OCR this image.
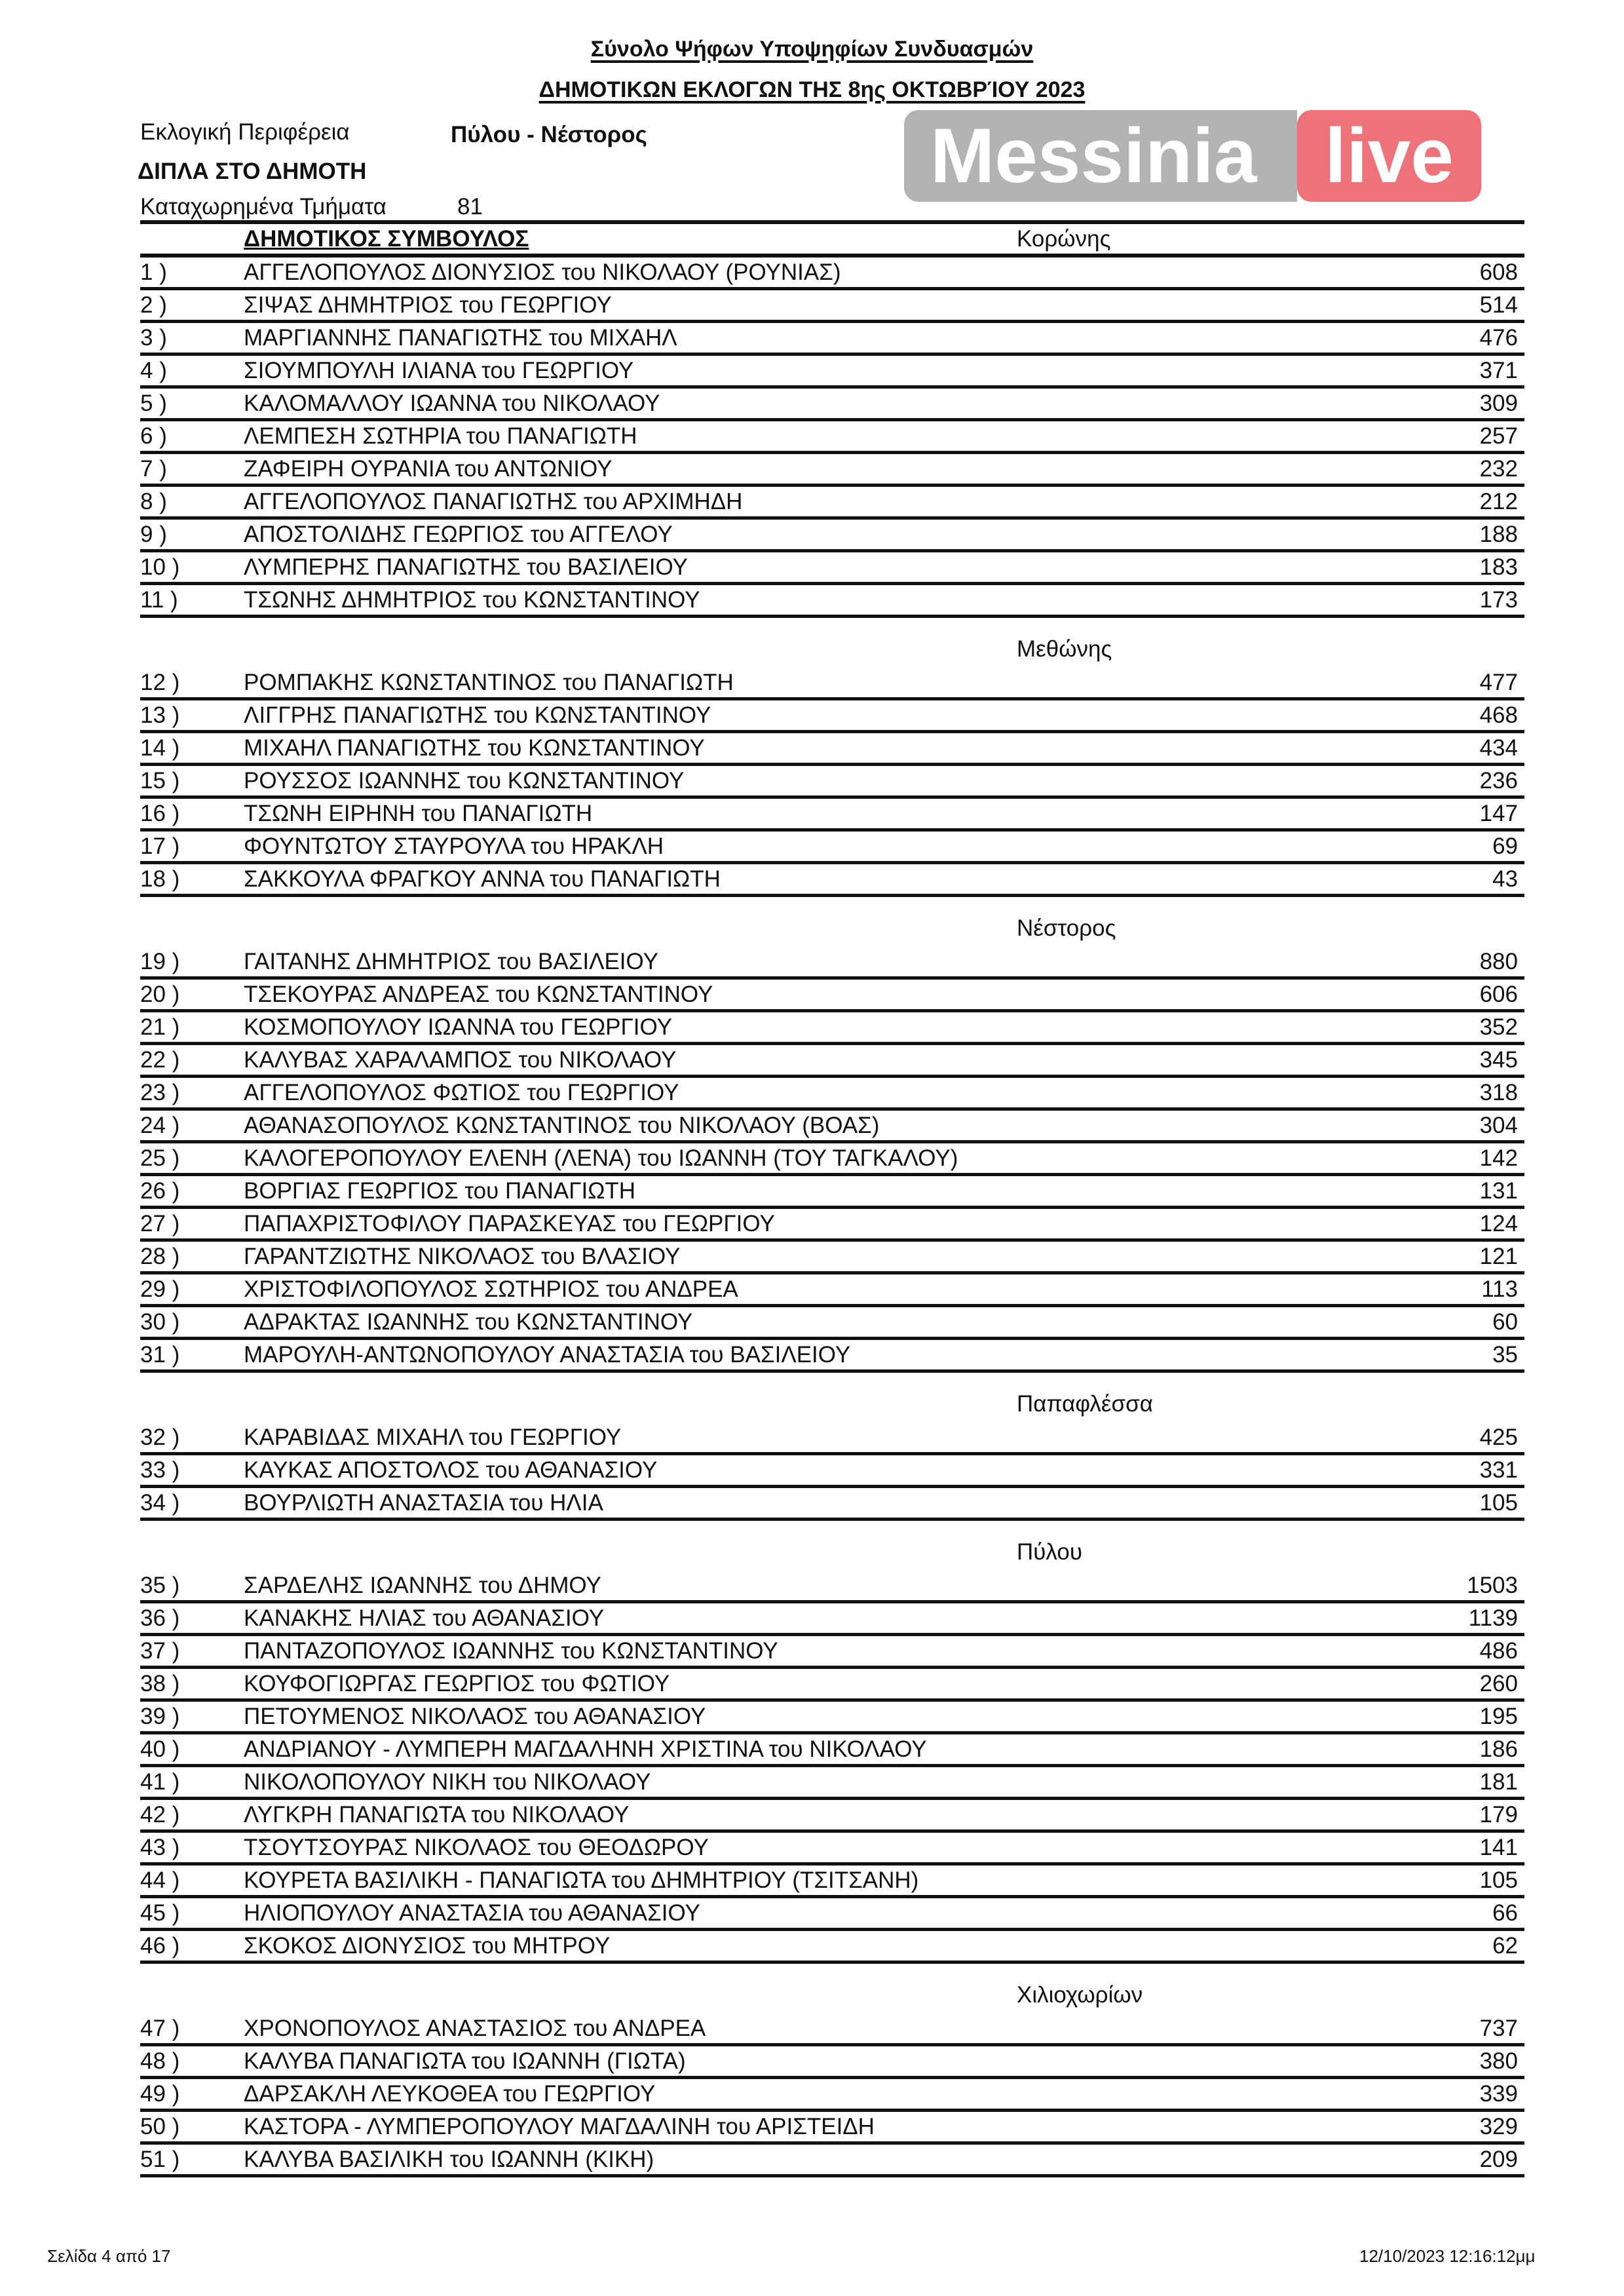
Σύνολο Ψήφων Υποψηφίων Συνδυασμών
ΔΗΜΟΤΙΚΩΝ ΕΚΛΟΓΩΝ ΤΗΣ 8ης ΟΚΤΩΒΡΊΟΥ 2023
Messinia live
Εκλογική Περιφέρεια	Πύλου - Νέστορος
ΔΙΠΛΑ ΣΤΟ ΔΗΜΟΤΗ
Καταχωρημένα Τμήματα	81
ΔΗΜΟΤΙΚΟΣ ΣΥΜΒΟΥΛΟΣ	Κορώνης
1 )	ΑΓΓΕΛΟΠΟΥΛΟΣ ΔΙΟΝΥΣΙΟΣ του ΝΙΚΟΛΑΟΥ (ΡΟΥΝΙΑΣ)	608
2 )	ΣΙΨΑΣ ΔΗΜΗΤΡΙΟΣ του ΓΕΩΡΓΙΟΥ	514
3 )	ΜΑΡΓΙΑΝΝΗΣ ΠΑΝΑΓΙΩΤΗΣ του ΜΙΧΑΗΛ	476
4 )	ΣΙΟΥΜΠΟΥΛΗ ΙΛΙΑΝΑ του ΓΕΩΡΓΙΟΥ	371
5 )	ΚΑΛΟΜΑΛΛΟΥ ΙΩΑΝΝΑ του ΝΙΚΟΛΑΟΥ	309
6 )	ΛΕΜΠΕΣΗ ΣΩΤΗΡΙΑ του ΠΑΝΑΓΙΩΤΗ	257
7 )	ΖΑΦΕΙΡΗ ΟΥΡΑΝΙΑ του ΑΝΤΩΝΙΟΥ	232
8 )	ΑΓΓΕΛΟΠΟΥΛΟΣ ΠΑΝΑΓΙΩΤΗΣ του ΑΡΧΙΜΗΔΗ	212
9 )	ΑΠΟΣΤΟΛΙΔΗΣ ΓΕΩΡΓΙΟΣ του ΑΓΓΕΛΟΥ	188
10 )	ΛΥΜΠΕΡΗΣ ΠΑΝΑΓΙΩΤΗΣ του ΒΑΣΙΛΕΙΟΥ	183
11 )	ΤΣΩΝΗΣ ΔΗΜΗΤΡΙΟΣ του ΚΩΝΣΤΑΝΤΙΝΟΥ	173
Μεθώνης
12 )	ΡΟΜΠΑΚΗΣ ΚΩΝΣΤΑΝΤΙΝΟΣ του ΠΑΝΑΓΙΩΤΗ	477
13 )	ΛΙΓΓΡΗΣ ΠΑΝΑΓΙΩΤΗΣ του ΚΩΝΣΤΑΝΤΙΝΟΥ	468
14 )	ΜΙΧΑΗΛ ΠΑΝΑΓΙΩΤΗΣ του ΚΩΝΣΤΑΝΤΙΝΟΥ	434
15 )	ΡΟΥΣΣΟΣ ΙΩΑΝΝΗΣ του ΚΩΝΣΤΑΝΤΙΝΟΥ	236
16 )	ΤΣΩΝΗ ΕΙΡΗΝΗ του ΠΑΝΑΓΙΩΤΗ	147
17 )	ΦΟΥΝΤΩΤΟΥ ΣΤΑΥΡΟΥΛΑ του ΗΡΑΚΛΗ	69
18 )	ΣΑΚΚΟΥΛΑ ΦΡΑΓΚΟΥ ΑΝΝΑ του ΠΑΝΑΓΙΩΤΗ	43
Νέστορος
19 )	ΓΑΙΤΑΝΗΣ ΔΗΜΗΤΡΙΟΣ του ΒΑΣΙΛΕΙΟΥ	880
20 )	ΤΣΕΚΟΥΡΑΣ ΑΝΔΡΕΑΣ του ΚΩΝΣΤΑΝΤΙΝΟΥ	606
21 )	ΚΟΣΜΟΠΟΥΛΟΥ ΙΩΑΝΝΑ του ΓΕΩΡΓΙΟΥ	352
22 )	ΚΑΛΥΒΑΣ ΧΑΡΑΛΑΜΠΟΣ του ΝΙΚΟΛΑΟΥ	345
23 )	ΑΓΓΕΛΟΠΟΥΛΟΣ ΦΩΤΙΟΣ του ΓΕΩΡΓΙΟΥ	318
24 )	ΑΘΑΝΑΣΟΠΟΥΛΟΣ ΚΩΝΣΤΑΝΤΙΝΟΣ του ΝΙΚΟΛΑΟΥ (ΒΟΑΣ)	304
25 )	ΚΑΛΟΓΕΡΟΠΟΥΛΟΥ ΕΛΕΝΗ (ΛΕΝΑ) του ΙΩΑΝΝΗ (ΤΟΥ ΤΑΓΚΑΛΟΥ)	142
26 )	ΒΟΡΓΙΑΣ ΓΕΩΡΓΙΟΣ του ΠΑΝΑΓΙΩΤΗ	131
27 )	ΠΑΠΑΧΡΙΣΤΟΦΙΛΟΥ ΠΑΡΑΣΚΕΥΑΣ του ΓΕΩΡΓΙΟΥ	124
28 )	ΓΑΡΑΝΤΖΙΩΤΗΣ ΝΙΚΟΛΑΟΣ του ΒΛΑΣΙΟΥ	121
29 )	ΧΡΙΣΤΟΦΙΛΟΠΟΥΛΟΣ ΣΩΤΗΡΙΟΣ του ΑΝΔΡΕΑ	113
30 )	ΑΔΡΑΚΤΑΣ ΙΩΑΝΝΗΣ του ΚΩΝΣΤΑΝΤΙΝΟΥ	60
31 )	ΜΑΡΟΥΛΗ-ΑΝΤΩΝΟΠΟΥΛΟΥ ΑΝΑΣΤΑΣΙΑ του ΒΑΣΙΛΕΙΟΥ	35
Παπαφλέσσα
32 )	ΚΑΡΑΒΙΔΑΣ ΜΙΧΑΗΛ του ΓΕΩΡΓΙΟΥ	425
33 )	ΚΑΥΚΑΣ ΑΠΟΣΤΟΛΟΣ του ΑΘΑΝΑΣΙΟΥ	331
34 )	ΒΟΥΡΛΙΩΤΗ ΑΝΑΣΤΑΣΙΑ του ΗΛΙΑ	105
Πύλου
35 )	ΣΑΡΔΕΛΗΣ ΙΩΑΝΝΗΣ του ΔΗΜΟΥ	1503
36 )	ΚΑΝΑΚΗΣ ΗΛΙΑΣ του ΑΘΑΝΑΣΙΟΥ	1139
37 )	ΠΑΝΤΑΖΟΠΟΥΛΟΣ ΙΩΑΝΝΗΣ του ΚΩΝΣΤΑΝΤΙΝΟΥ	486
38 )	ΚΟΥΦΟΓΙΩΡΓΑΣ ΓΕΩΡΓΙΟΣ του ΦΩΤΙΟΥ	260
39 )	ΠΕΤΟΥΜΕΝΟΣ ΝΙΚΟΛΑΟΣ του ΑΘΑΝΑΣΙΟΥ	195
40 )	ΑΝΔΡΙΑΝΟΥ - ΛΥΜΠΕΡΗ ΜΑΓΔΑΛΗΝΗ ΧΡΙΣΤΙΝΑ του ΝΙΚΟΛΑΟΥ	186
41 )	ΝΙΚΟΛΟΠΟΥΛΟΥ ΝΙΚΗ του ΝΙΚΟΛΑΟΥ	181
42 )	ΛΥΓΚΡΗ ΠΑΝΑΓΙΩΤΑ του ΝΙΚΟΛΑΟΥ	179
43 )	ΤΣΟΥΤΣΟΥΡΑΣ ΝΙΚΟΛΑΟΣ του ΘΕΟΔΩΡΟΥ	141
44 )	ΚΟΥΡΕΤΑ ΒΑΣΙΛΙΚΗ - ΠΑΝΑΓΙΩΤΑ του ΔΗΜΗΤΡΙΟΥ (ΤΣΙΤΣΑΝΗ)	105
45 )	ΗΛΙΟΠΟΥΛΟΥ ΑΝΑΣΤΑΣΙΑ του ΑΘΑΝΑΣΙΟΥ	66
46 )	ΣΚΟΚΟΣ ΔΙΟΝΥΣΙΟΣ του ΜΗΤΡΟΥ	62
Χιλιοχωρίων
47 )	ΧΡΟΝΟΠΟΥΛΟΣ ΑΝΑΣΤΑΣΙΟΣ του ΑΝΔΡΕΑ	737
48 )	ΚΑΛΥΒΑ ΠΑΝΑΓΙΩΤΑ του ΙΩΑΝΝΗ (ΓΙΩΤΑ)	380
49 )	ΔΑΡΣΑΚΛΗ ΛΕΥΚΟΘΕΑ του ΓΕΩΡΓΙΟΥ	339
50 )	ΚΑΣΤΟΡΑ - ΛΥΜΠΕΡΟΠΟΥΛΟΥ ΜΑΓΔΑΛΙΝΗ του ΑΡΙΣΤΕΙΔΗ	329
51 )	ΚΑΛΥΒΑ ΒΑΣΙΛΙΚΗ του ΙΩΑΝΝΗ (ΚΙΚΗ)	209
Σελίδα 4 από 17	12/10/2023 12:16:12μμ
